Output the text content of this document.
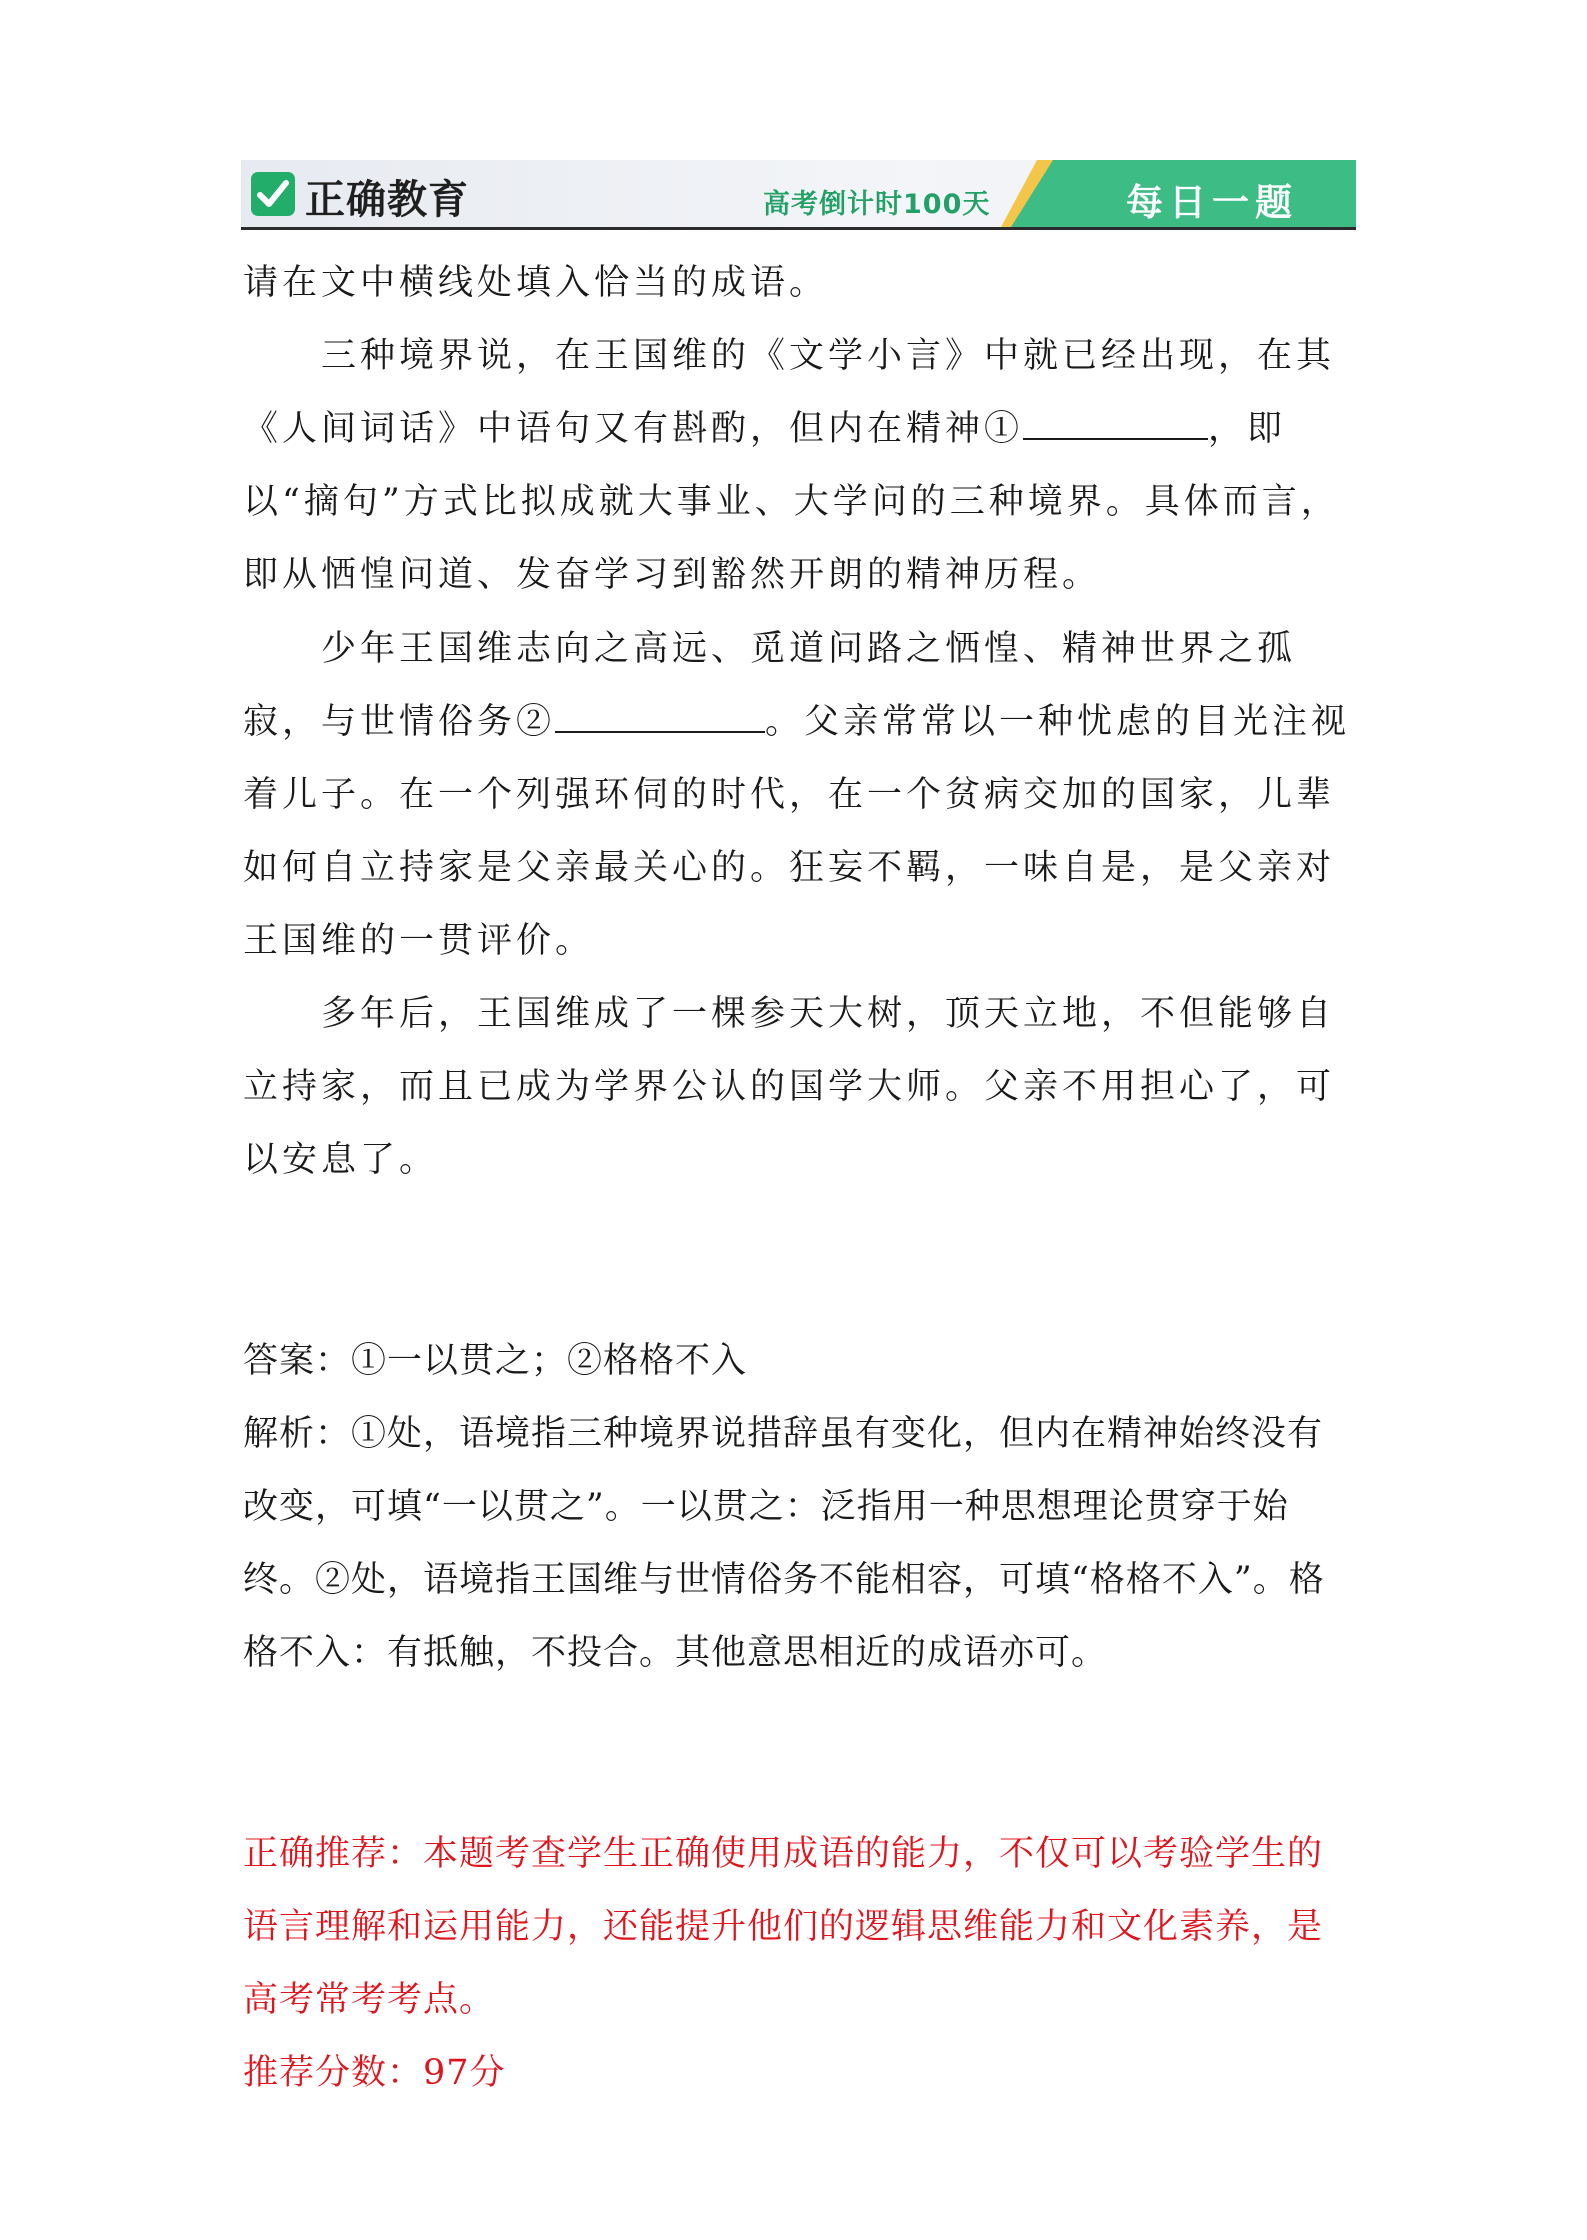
正确教育	高考倒计时100天	每日一题

请在文中横线处填入恰当的成语。

三种境界说，在王国维的《文学小言》中就已经出现，在其《人间词话》中语句又有斟酌，但内在精神①	，即以“摘句”方式比拟成就大事业、大学问的三种境界。具体而言，即从恓惶问道、发奋学习到豁然开朗的精神历程。

少年王国维志向之高远、觅道问路之恓惶、精神世界之孤寂，与世情俗务②	。父亲常常以一种忧虑的目光注视着儿子。在一个列强环伺的时代，在一个贫病交加的国家，儿辈如何自立持家是父亲最关心的。狂妄不羁，一味自是，是父亲对王国维的一贯评价。

多年后，王国维成了一棵参天大树，顶天立地，不但能够自立持家，而且已成为学界公认的国学大师。父亲不用担心了，可以安息了。

答案：①一以贯之；②格格不入

解析：①处，语境指三种境界说措辞虽有变化，但内在精神始终没有改变，可填“一以贯之”。一以贯之：泛指用一种思想理论贯穿于始终。②处，语境指王国维与世情俗务不能相容，可填“格格不入”。格格不入：有抵触，不投合。其他意思相近的成语亦可。

正确推荐：本题考查学生正确使用成语的能力，不仅可以考验学生的语言理解和运用能力，还能提升他们的逻辑思维能力和文化素养，是高考常考考点。

推荐分数：97分
